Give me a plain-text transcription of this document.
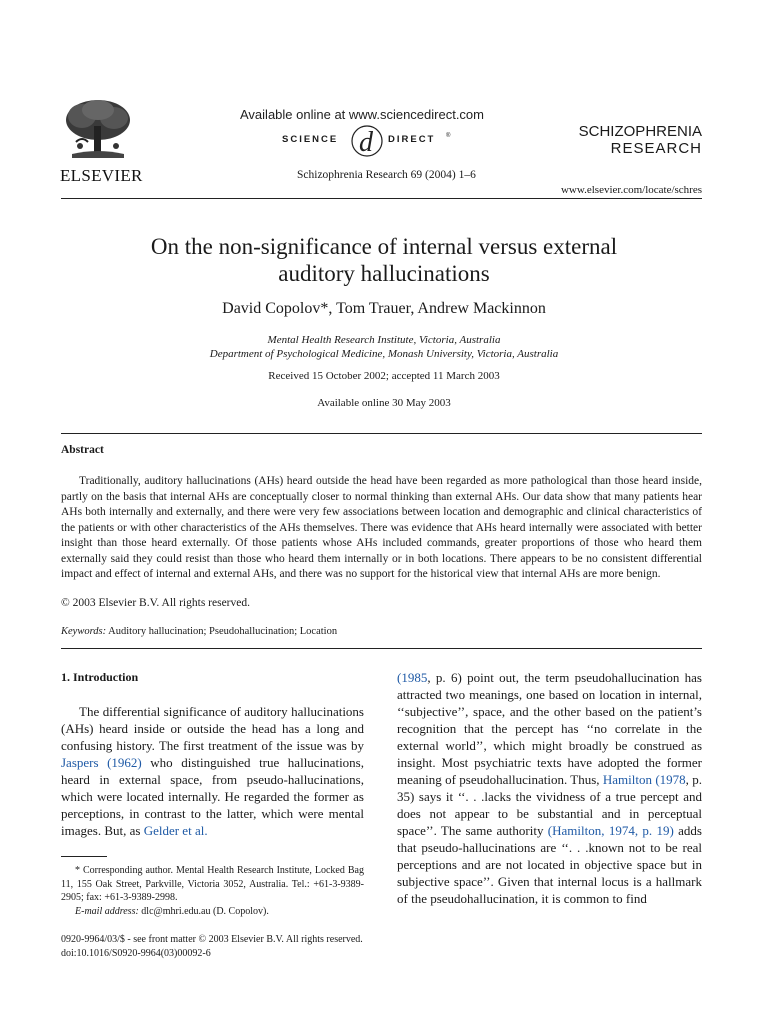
ELSEVIER
Available online at www.sciencedirect.com
SCIENCE d DIRECT ®
Schizophrenia Research 69 (2004) 1–6
SCHIZOPHRENIA
RESEARCH
www.elsevier.com/locate/schres
On the non-significance of internal versus external
auditory hallucinations
David Copolov*, Tom Trauer, Andrew Mackinnon
Mental Health Research Institute, Victoria, Australia
Department of Psychological Medicine, Monash University, Victoria, Australia
Received 15 October 2002; accepted 11 March 2003
Available online 30 May 2003
Abstract
Traditionally, auditory hallucinations (AHs) heard outside the head have been regarded as more pathological than those heard inside, partly on the basis that internal AHs are conceptually closer to normal thinking than external AHs. Our data show that many patients hear AHs both internally and externally, and there were very few associations between location and demographic and clinical characteristics of the patients or with other characteristics of the AHs themselves. There was evidence that AHs heard internally were associated with better insight than those heard externally. Of those patients whose AHs included commands, greater proportions of those who heard them externally said they could resist than those who heard them internally or in both locations. There appears to be no consistent differential impact and effect of internal and external AHs, and there was no support for the historical view that internal AHs are more benign.
© 2003 Elsevier B.V. All rights reserved.
Keywords: Auditory hallucination; Pseudohallucination; Location
1. Introduction

The differential significance of auditory hallucinations (AHs) heard inside or outside the head has a long and confusing history. The first treatment of the issue was by Jaspers (1962) who distinguished true hallucinations, heard in external space, from pseudo-hallucinations, which were located internally. He regarded the former as perceptions, in contrast to the latter, which were mental images. But, as Gelder et al.

* Corresponding author. Mental Health Research Institute, Locked Bag 11, 155 Oak Street, Parkville, Victoria 3052, Australia. Tel.: +61-3-9389-2905; fax: +61-3-9389-2998.
E-mail address: dlc@mhri.edu.au (D. Copolov).

(1985, p. 6) point out, the term pseudohallucination has attracted two meanings, one based on location in internal, ‘‘subjective’’, space, and the other based on the patient’s recognition that the percept has ‘‘no correlate in the external world’’, which might broadly be construed as insight. Most psychiatric texts have adopted the former meaning of pseudohallucination. Thus, Hamilton (1978, p. 35) says it ‘‘. . .lacks the vividness of a true percept and does not appear to be substantial and in perceptual space’’. The same authority (Hamilton, 1974, p. 19) adds that pseudo-hallucinations are ‘‘. . .known not to be real perceptions and are not located in objective space but in subjective space’’. Given that internal locus is a hallmark of the pseudohallucination, it is common to find

0920-9964/03/$ - see front matter © 2003 Elsevier B.V. All rights reserved.
doi:10.1016/S0920-9964(03)00092-6
